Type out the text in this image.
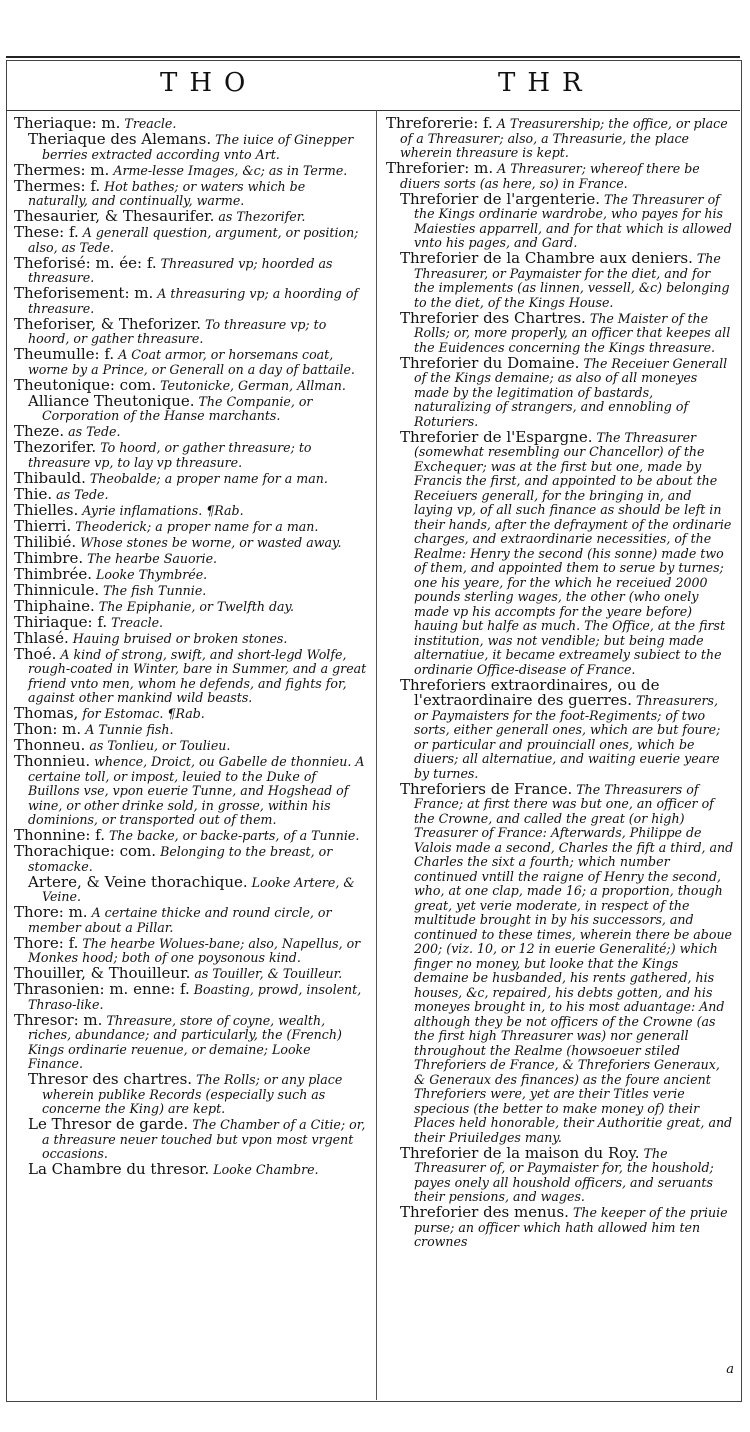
THO	THR
Theriaque: m. Treacle.
Theriaque des Alemans. The iuice of Ginepper berries extracted according vnto Art.
Thermes: m. Arme-lesse Images, &c; as in Terme.
Thermes: f. Hot bathes; or waters which be naturally, and continually, warme.
Thesaurier, & Thesaurifer. as Thezorifer.
These: f. A generall question, argument, or position; also, as Tede.
Theforisé: m. ée: f. Threasured vp; hoorded as threasure.
Theforisement: m. A threasuring vp; a hoording of threasure.
Theforiser, & Theforizer. To threasure vp; to hoord, or gather threasure.
Theumulle: f. A Coat armor, or horsemans coat, worne by a Prince, or Generall on a day of battaile.
Theutonique: com. Teutonicke, German, Allman.
Alliance Theutonique. The Companie, or Corporation of the Hanse marchants.
Theze. as Tede.
Thezorifer. To hoord, or gather threasure; to threasure vp, to lay vp threasure.
Thibauld. Theobalde; a proper name for a man.
Thie. as Tede.
Thielles. Ayrie inflamations. ¶Rab.
Thierri. Theoderick; a proper name for a man.
Thilibié. Whose stones be worne, or wasted away.
Thimbre. The hearbe Sauorie.
Thimbrée. Looke Thymbrée.
Thinnicule. The fish Tunnie.
Thiphaine. The Epiphanie, or Twelfth day.
Thiriaque: f. Treacle.
Thlasé. Hauing bruised or broken stones.
Thoé. A kind of strong, swift, and short-legd Wolfe, rough-coated in Winter, bare in Summer, and a great friend vnto men, whom he defends, and fights for, against other mankind wild beasts.
Thomas, for Estomac. ¶Rab.
Thon: m. A Tunnie fish.
Thonneu. as Tonlieu, or Toulieu.
Thonnieu. whence, Droict, ou Gabelle de thonnieu. A certaine toll, or impost, leuied to the Duke of Buillons vse, vpon euerie Tunne, and Hogshead of wine, or other drinke sold, in grosse, within his dominions, or transported out of them.
Thonnine: f. The backe, or backe-parts, of a Tunnie.
Thorachique: com. Belonging to the breast, or stomacke.
Artere, & Veine thorachique. Looke Artere, & Veine.
Thore: m. A certaine thicke and round circle, or member about a Pillar.
Thore: f. The hearbe Wolues-bane; also, Napellus, or Monkes hood; both of one poysonous kind.
Thouiller, & Thouilleur. as Touiller, & Touilleur.
Thrasonien: m. enne: f. Boasting, prowd, insolent, Thraso-like.
Thresor: m. Threasure, store of coyne, wealth, riches, abundance; and particularly, the (French) Kings ordinarie reuenue, or demaine; Looke Finance.
Thresor des chartres. The Rolls; or any place wherein publike Records (especially such as concerne the King) are kept.
Le Thresor de garde. The Chamber of a Citie; or, a threasure neuer touched but vpon most vrgent occasions.
La Chambre du thresor. Looke Chambre.
Threforerie: f. A Treasurership; the office, or place of a Threasurer; also, a Threasurie, the place wherein threasure is kept.
Threforier: m. A Threasurer; whereof there be diuers sorts (as here, so) in France.
Threforier de l'argenterie. The Threasurer of the Kings ordinarie wardrobe, who payes for his Maiesties apparrell, and for that which is allowed vnto his pages, and Gard.
Threforier de la Chambre aux deniers. The Threasurer, or Paymaister for the diet, and for the implements (as linnen, vessell, &c) belonging to the diet, of the Kings House.
Threforier des Chartres. The Maister of the Rolls; or, more properly, an officer that keepes all the Euidences concerning the Kings threasure.
Threforier du Domaine. The Receiuer Generall of the Kings demaine; as also of all moneyes made by the legitimation of bastards, naturalizing of strangers, and ennobling of Roturiers.
Threforier de l'Espargne. The Threasurer (somewhat resembling our Chancellor) of the Exchequer; was at the first but one, made by Francis the first, and appointed to be about the Receiuers generall, for the bringing in, and laying vp, of all such finance as should be left in their hands, after the defrayment of the ordinarie charges, and extraordinarie necessities, of the Realme: Henry the second (his sonne) made two of them, and appointed them to serue by turnes; one his yeare, for the which he receiued 2000 pounds sterling wages, the other (who onely made vp his accompts for the yeare before) hauing but halfe as much. The Office, at the first institution, was not vendible; but being made alternatiue, it became extreamely subiect to the ordinarie Office-disease of France.
Threforiers extraordinaires, ou de l'extraordinaire des guerres. Threasurers, or Paymaisters for the foot-Regiments; of two sorts, either generall ones, which are but foure; or particular and prouinciall ones, which be diuers; all alternatiue, and waiting euerie yeare by turnes.
Threforiers de France. The Threasurers of France; at first there was but one, an officer of the Crowne, and called the great (or high) Treasurer of France: Afterwards, Philippe de Valois made a second, Charles the fift a third, and Charles the sixt a fourth; which number continued vntill the raigne of Henry the second, who, at one clap, made 16; a proportion, though great, yet verie moderate, in respect of the multitude brought in by his successors, and continued to these times, wherein there be aboue 200; (viz. 10, or 12 in euerie Generalité;) which finger no money, but looke that the Kings demaine be husbanded, his rents gathered, his houses, &c, repaired, his debts gotten, and his moneyes brought in, to his most aduantage: And although they be not officers of the Crowne (as the first high Threasurer was) nor generall throughout the Realme (howsoeuer stiled Threforiers de France, & Threforiers Generaux, & Generaux des finances) as the foure ancient Threforiers were, yet are their Titles verie specious (the better to make money of) their Places held honorable, their Authoritie great, and their Priuiledges many.
Threforier de la maison du Roy. The Threasurer of, or Paymaister for, the houshold; payes onely all houshold officers, and seruants their pensions, and wages.
Threforier des menus. The keeper of the priuie purse; an officer which hath allowed him ten crownes
a
